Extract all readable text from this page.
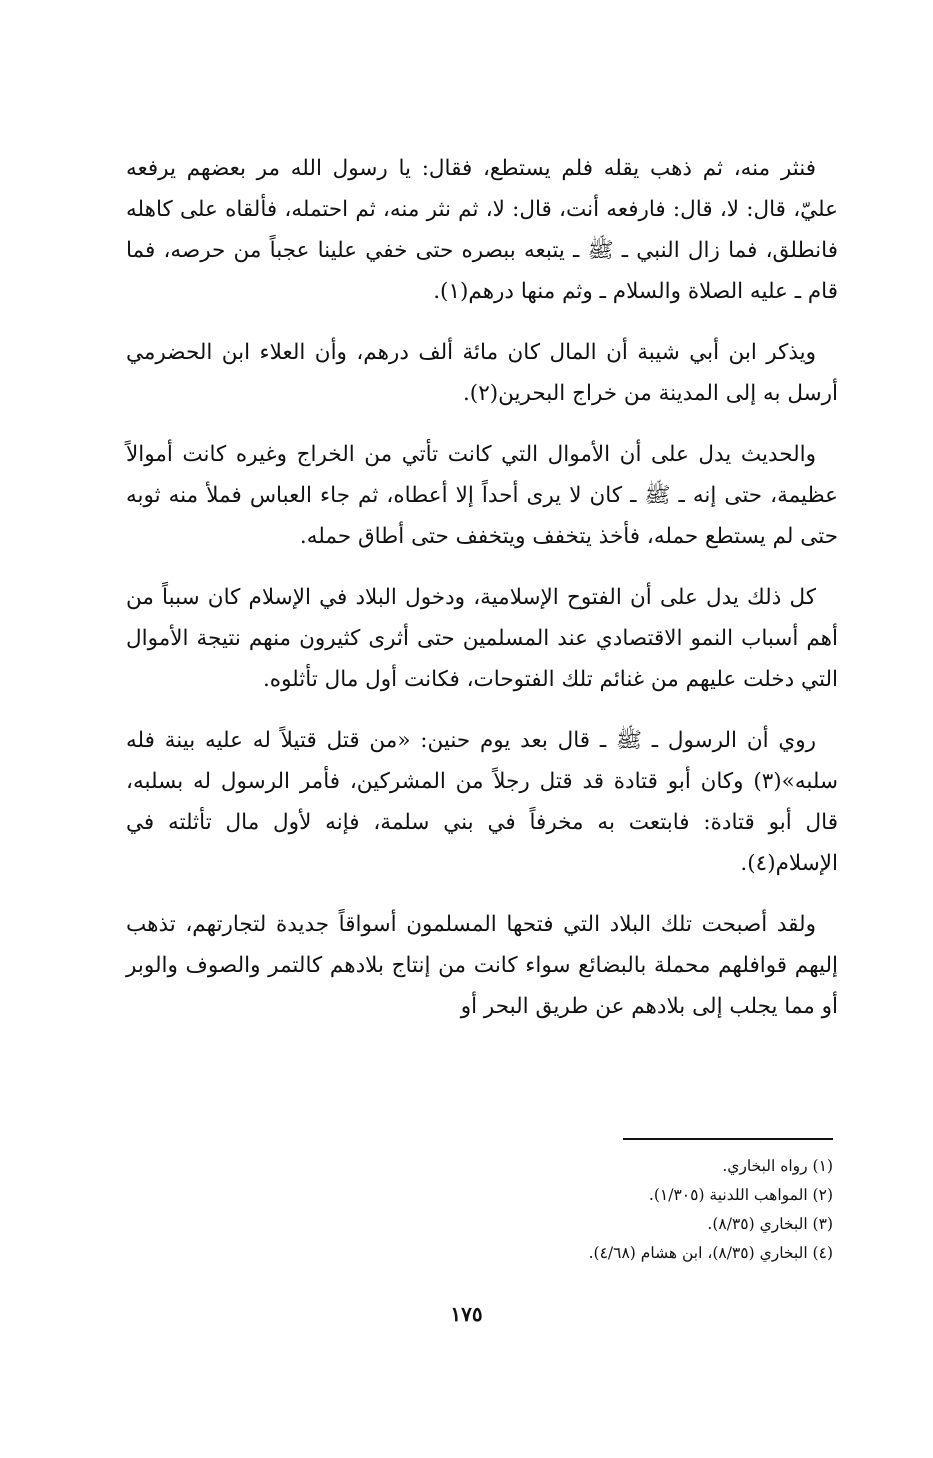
فنثر منه، ثم ذهب يقله فلم يستطع، فقال: يا رسول الله مر بعضهم يرفعه عليّ، قال: لا، قال: فارفعه أنت، قال: لا، ثم نثر منه، ثم احتمله، فألقاه على كاهله فانطلق، فما زال النبي ـ ﷺ ـ يتبعه ببصره حتى خفي علينا عجباً من حرصه، فما قام ـ عليه الصلاة والسلام ـ وثم منها درهم(١).

ويذكر ابن أبي شيبة أن المال كان مائة ألف درهم، وأن العلاء ابن الحضرمي أرسل به إلى المدينة من خراج البحرين(٢).

والحديث يدل على أن الأموال التي كانت تأتي من الخراج وغيره كانت أموالاً عظيمة، حتى إنه ـ ﷺ ـ كان لا يرى أحداً إلا أعطاه، ثم جاء العباس فملأ منه ثوبه حتى لم يستطع حمله، فأخذ يتخفف ويتخفف حتى أطاق حمله.

كل ذلك يدل على أن الفتوح الإسلامية، ودخول البلاد في الإسلام كان سبباً من أهم أسباب النمو الاقتصادي عند المسلمين حتى أثرى كثيرون منهم نتيجة الأموال التي دخلت عليهم من غنائم تلك الفتوحات، فكانت أول مال تأثلوه.

روي أن الرسول ـ ﷺ ـ قال بعد يوم حنين: «من قتل قتيلاً له عليه بينة فله سلبه»(٣) وكان أبو قتادة قد قتل رجلاً من المشركين، فأمر الرسول له بسلبه، قال أبو قتادة: فابتعت به مخرفاً في بني سلمة، فإنه لأول مال تأثلته في الإسلام(٤).

ولقد أصبحت تلك البلاد التي فتحها المسلمون أسواقاً جديدة لتجارتهم، تذهب إليهم قوافلهم محملة بالبضائع سواء كانت من إنتاج بلادهم كالتمر والصوف والوبر أو مما يجلب إلى بلادهم عن طريق البحر أو

(١) رواه البخاري.
(٢) المواهب اللدنية (١/٣٠٥).
(٣) البخاري (٨/٣٥).
(٤) البخاري (٨/٣٥)، ابن هشام (٤/٦٨).
١٧٥
